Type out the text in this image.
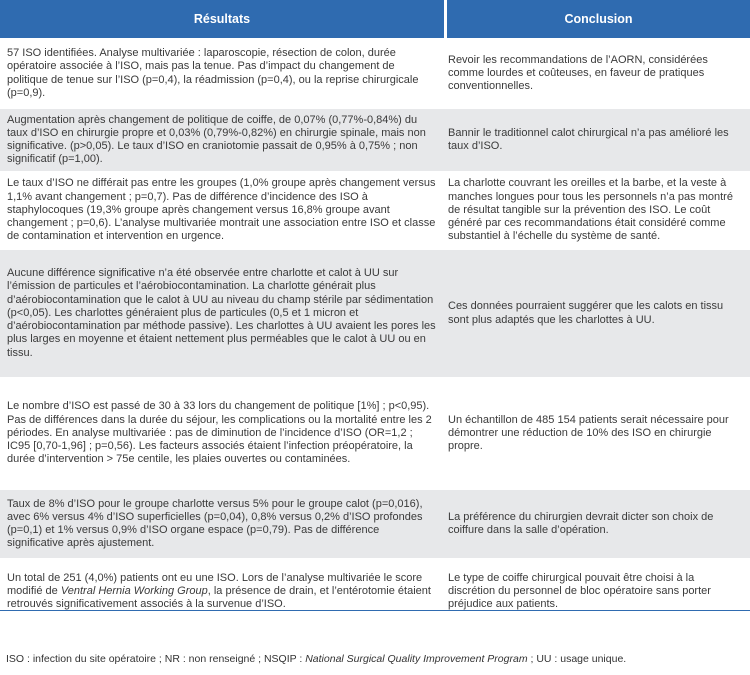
Résultats	Conclusion
57 ISO identifiées. Analyse multivariée : laparoscopie, résection de colon, durée opératoire associée à l’ISO, mais pas la tenue. Pas d’impact du changement de politique de tenue sur l’ISO (p=0,4), la réadmission (p=0,4), ou la reprise chirurgicale (p=0,9).
Revoir les recommandations de l’AORN, considérées comme lourdes et coûteuses, en faveur de pratiques conventionnelles.
Augmentation après changement de politique de coiffe, de 0,07% (0,77%-0,84%) du taux d’ISO en chirurgie propre et 0,03% (0,79%-0,82%) en chirurgie spinale, mais non significative. (p>0,05). Le taux d’ISO en craniotomie passait de 0,95% à 0,75% ; non significatif (p=1,00).
Bannir le traditionnel calot chirurgical n’a pas amélioré les taux d’ISO.
Le taux d’ISO ne différait pas entre les groupes (1,0% groupe après changement versus 1,1% avant changement ; p=0,7). Pas de différence d’incidence des ISO à staphylocoques (19,3% groupe après changement versus 16,8% groupe avant changement ; p=0,6). L’analyse multivariée montrait une association entre ISO et classe de contamination et intervention en urgence.
La charlotte couvrant les oreilles et la barbe, et la veste à manches longues pour tous les personnels n’a pas montré de résultat tangible sur la prévention des ISO. Le coût généré par ces recommandations était considéré comme substantiel à l’échelle du système de santé.
Aucune différence significative n’a été observée entre charlotte et calot à UU sur l’émission de particules et l’aérobiocontamination. La charlotte générait plus d’aérobiocontamination que le calot à UU au niveau du champ stérile par sédimentation (p<0,05). Les charlottes généraient plus de particules (0,5 et 1 micron et d’aérobiocontamination par méthode passive). Les charlottes à UU avaient les pores les plus larges en moyenne et étaient nettement plus perméables que le calot à UU ou en tissu.
Ces données pourraient suggérer que les calots en tissu sont plus adaptés que les charlottes à UU.
Le nombre d’ISO est passé de 30 à 33 lors du changement de politique [1%] ; p<0,95). Pas de différences dans la durée du séjour, les complications ou la mortalité entre les 2 périodes. En analyse multivariée : pas de diminution de l’incidence d’ISO (OR=1,2 ; IC95 [0,70-1,96] ; p=0,56). Les facteurs associés étaient l’infection préopératoire, la durée d’intervention > 75e centile, les plaies ouvertes ou contaminées.
Un échantillon de 485 154 patients serait nécessaire pour démontrer une réduction de 10% des ISO en chirurgie propre.
Taux de 8% d’ISO pour le groupe charlotte versus 5% pour le groupe calot (p=0,016), avec 6% versus 4% d’ISO superficielles (p=0,04), 0,8% versus 0,2% d’ISO profondes (p=0,1) et 1% versus 0,9% d’ISO organe espace (p=0,79). Pas de différence significative après ajustement.
La préférence du chirurgien devrait dicter son choix de coiffure dans la salle d’opération.
Un total de 251 (4,0%) patients ont eu une ISO. Lors de l’analyse multivariée le score modifié de Ventral Hernia Working Group, la présence de drain, et l’entérotomie étaient retrouvés significativement associés à la survenue d’ISO.
Le type de coiffe chirurgical pouvait être choisi à la discrétion du personnel de bloc opératoire sans porter préjudice aux patients.
ISO : infection du site opératoire ; NR : non renseigné ; NSQIP : National Surgical Quality Improvement Program ; UU : usage unique.
